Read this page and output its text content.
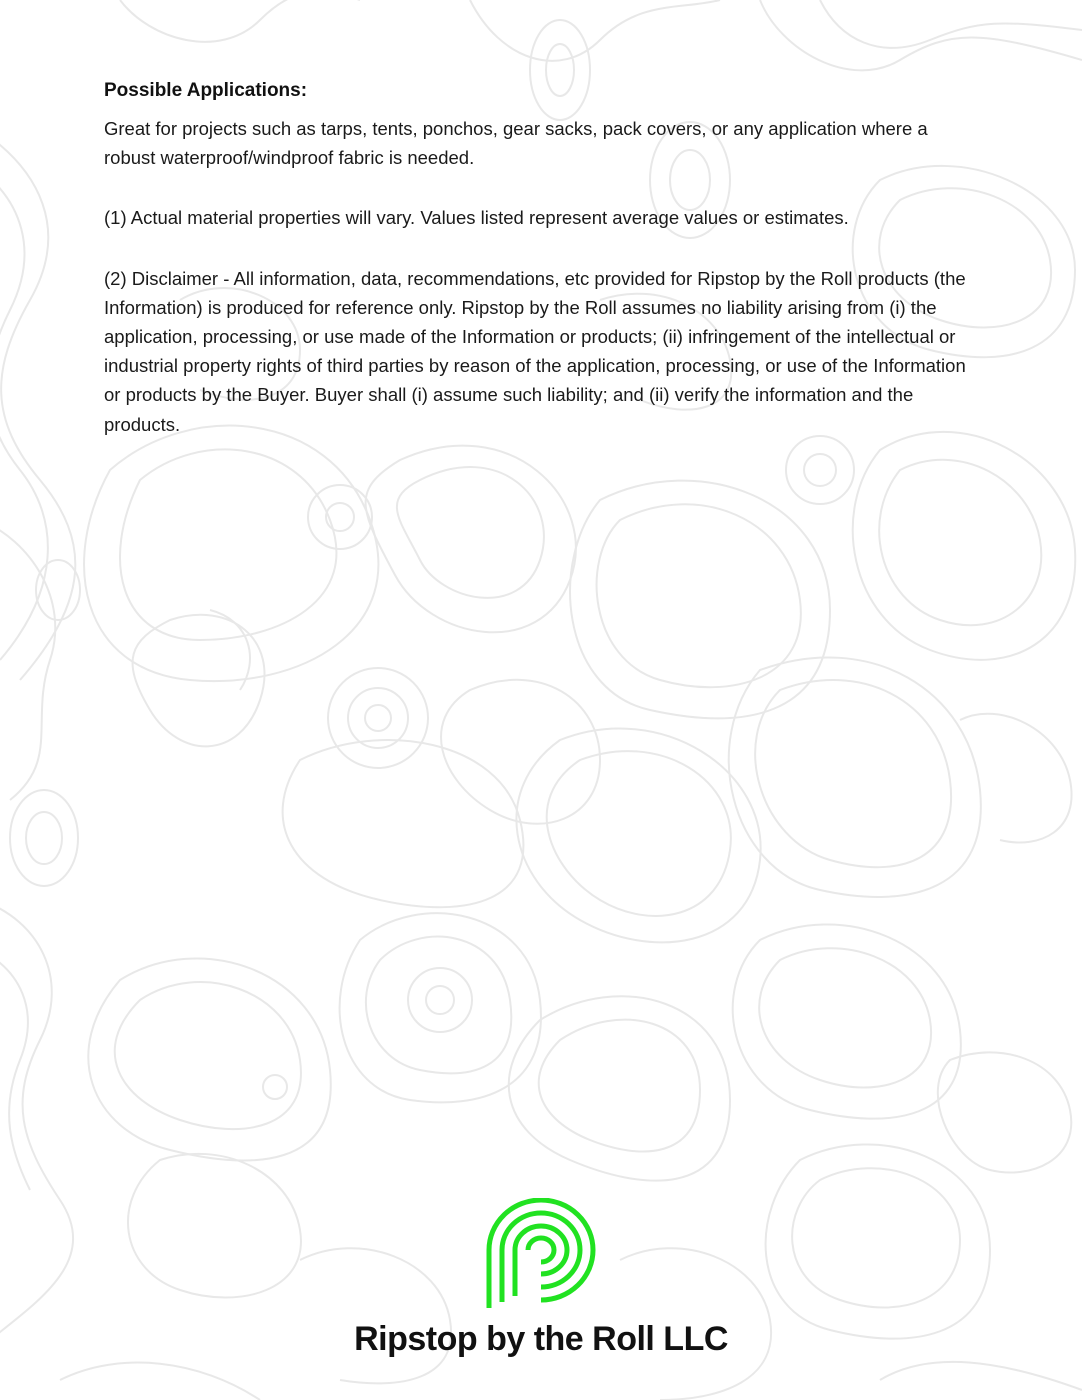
Possible Applications:

Great for projects such as tarps, tents, ponchos, gear sacks, pack covers, or any application where a robust waterproof/windproof fabric is needed.

(1) Actual material properties will vary. Values listed represent average values or estimates.

(2) Disclaimer - All information, data, recommendations, etc provided for Ripstop by the Roll products (the Information) is produced for reference only. Ripstop by the Roll assumes no liability arising from (i) the application, processing, or use made of the Information or products; (ii) infringement of the intellectual or industrial property rights of third parties by reason of the application, processing, or use of the Information or products by the Buyer. Buyer shall (i) assume such liability; and (ii) verify the information and the products.

Ripstop by the Roll LLC
